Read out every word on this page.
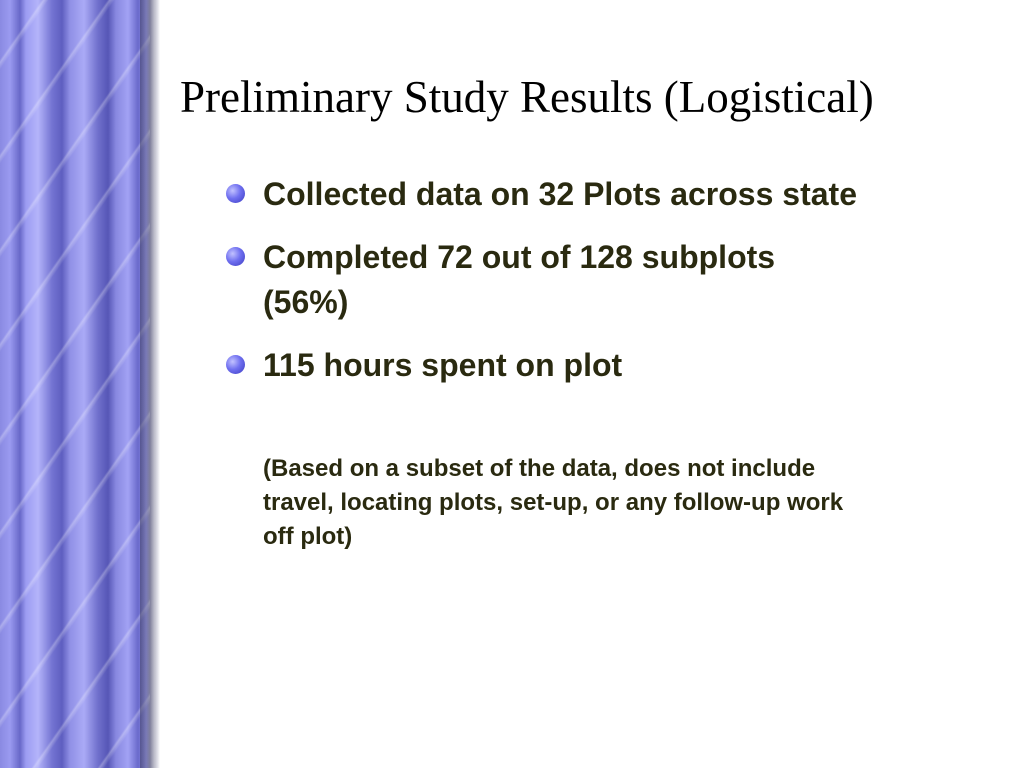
Preliminary Study Results (Logistical)
Collected data on 32 Plots across state
Completed 72 out of 128 subplots (56%)
115 hours spent on plot
(Based on a subset of the data, does not include travel, locating plots, set-up, or any follow-up work off plot)
